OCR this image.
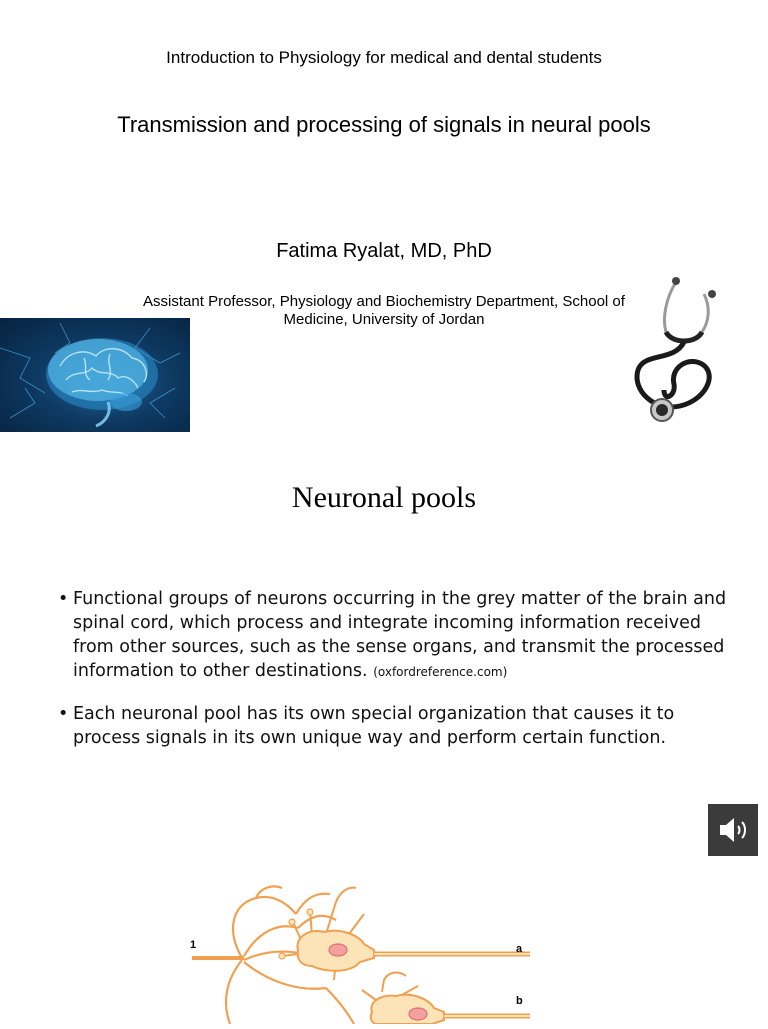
Introduction to Physiology for medical and dental students
Transmission and processing of signals in neural pools
Fatima Ryalat, MD, PhD
Assistant Professor, Physiology and Biochemistry Department, School of Medicine, University of Jordan
Neuronal pools
• Functional groups of neurons occurring in the grey matter of the brain and spinal cord, which process and integrate incoming information received from other sources, such as the sense organs, and transmit the processed information to other destinations. (oxfordreference.com)
• Each neuronal pool has its own special organization that causes it to process signals in its own unique way and perform certain function.
1	a
b
